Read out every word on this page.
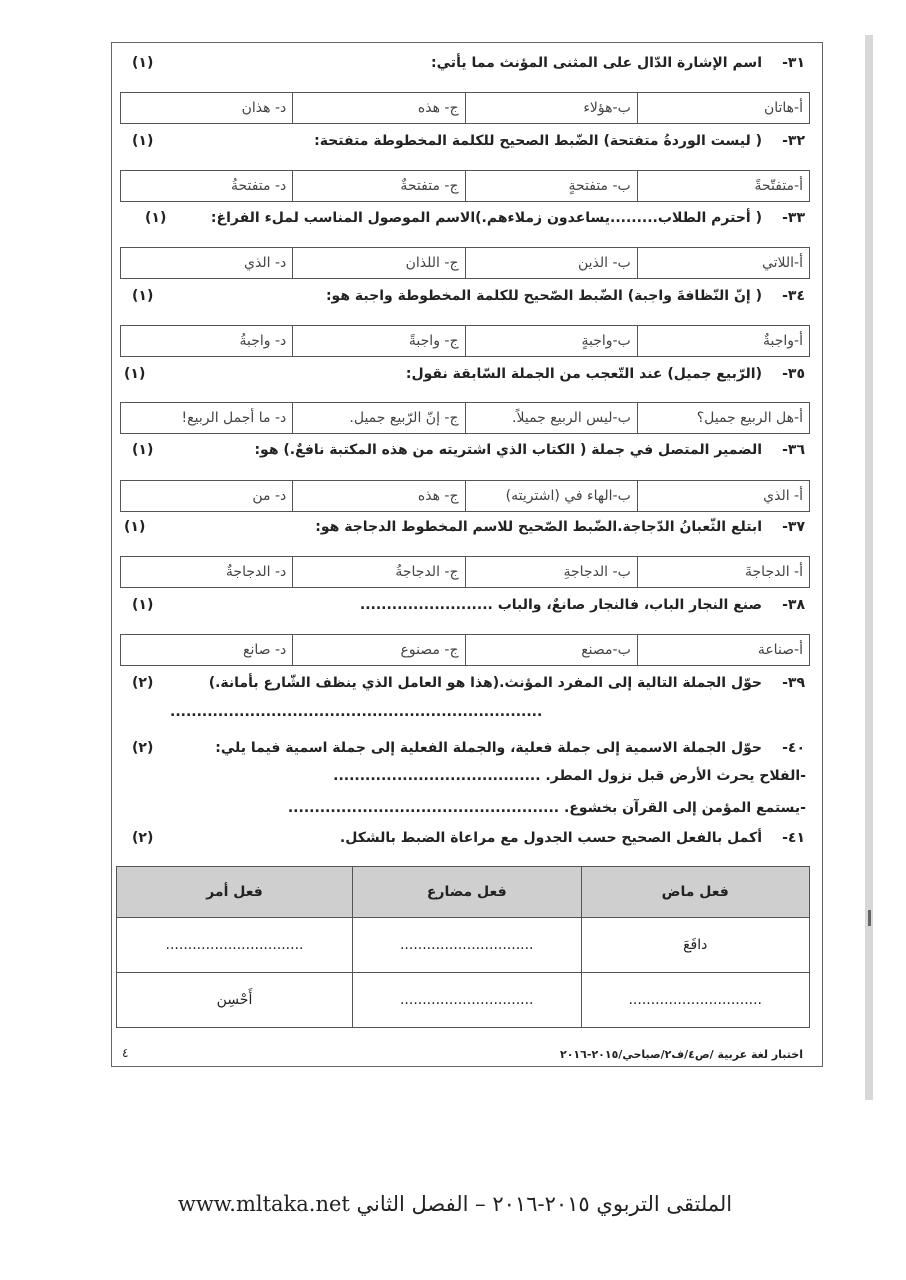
٣١-
اسم الإشارة الدّال على المثنى المؤنث مما يأتي:
(١)
أ-هاتان
ب-هؤلاء
ج- هذه
د- هذان
٣٢-
( ليست الوردةُ متفتحة) الضّبط الصحيح للكلمة المخطوطة متفتحة:
(١)
أ-متفتّحةً
ب- متفتحةٍ
ج- متفتحةٌ
د- متفتحةُ
٣٣-
( أحترم الطلاب.........يساعدون زملاءهم.)الاسم الموصول المناسب لملء الفراغ:
(١)
أ-اللاتي
ب- الذين
ج- اللذان
د- الذي
٣٤-
( إنّ النّظافةَ واجبة) الضّبط الصّحيح للكلمة المخطوطة واجبة هو:
(١)
أ-واجبةٌ
ب-واجبةٍ
ج- واجبةً
د- واجبةُ
٣٥-
(الرّبيع جميل) عند التّعجب من الجملة السّابقة نقول:
(١)
أ-هل الربيع جميل؟
ب-ليس الربيع جميلاً.
ج- إنّ الرّبيع جميل.
د- ما أجمل الربيع!
٣٦-
الضمير المتصل في جملة ( الكتاب الذي اشتريته من هذه المكتبة نافعٌ.) هو:
(١)
أ- الذي
ب-الهاء في (اشتريته)
ج- هذه
د- من
٣٧-
ابتلع الثّعبانُ الدّجاجة.الضّبط الصّحيح للاسم المخطوط الدجاجة هو:
(١)
أ- الدجاجةَ
ب- الدجاجةِ
ج- الدجاجةُ
د- الدجاجةٌ
٣٨-
صنع النجار الباب، فالنجار صانعٌ، والباب .........................
(١)
أ-صناعة
ب-مصنع
ج- مصنوع
د- صانع
٣٩-
حوّل الجملة التالية إلى المفرد المؤنث.(هذا هو العامل الذي ينظف الشّارع بأمانة.)
(٢)
......................................................................
٤٠-
حوّل الجملة الاسمية إلى جملة فعلية، والجملة الفعلية إلى جملة اسمية فيما يلي:
(٢)
-الفلاح يحرث الأرض قبل نزول المطر. .......................................
-يستمع المؤمن إلى القرآن بخشوع. ...................................................
٤١-
أكمل بالفعل الصحيح حسب الجدول مع مراعاة الضبط بالشكل.
(٢)
فعل ماض	فعل مضارع	فعل أمر
دافَعَ	..............................	...............................
..............................	..............................	أَحْسِن
اختبار لغة عربية /ص٤/ف٢/صباحي/٢٠١٥-٢٠١٦
٤
الملتقى التربوي ٢٠١٥-٢٠١٦ – الفصل الثاني www.mltaka.net
